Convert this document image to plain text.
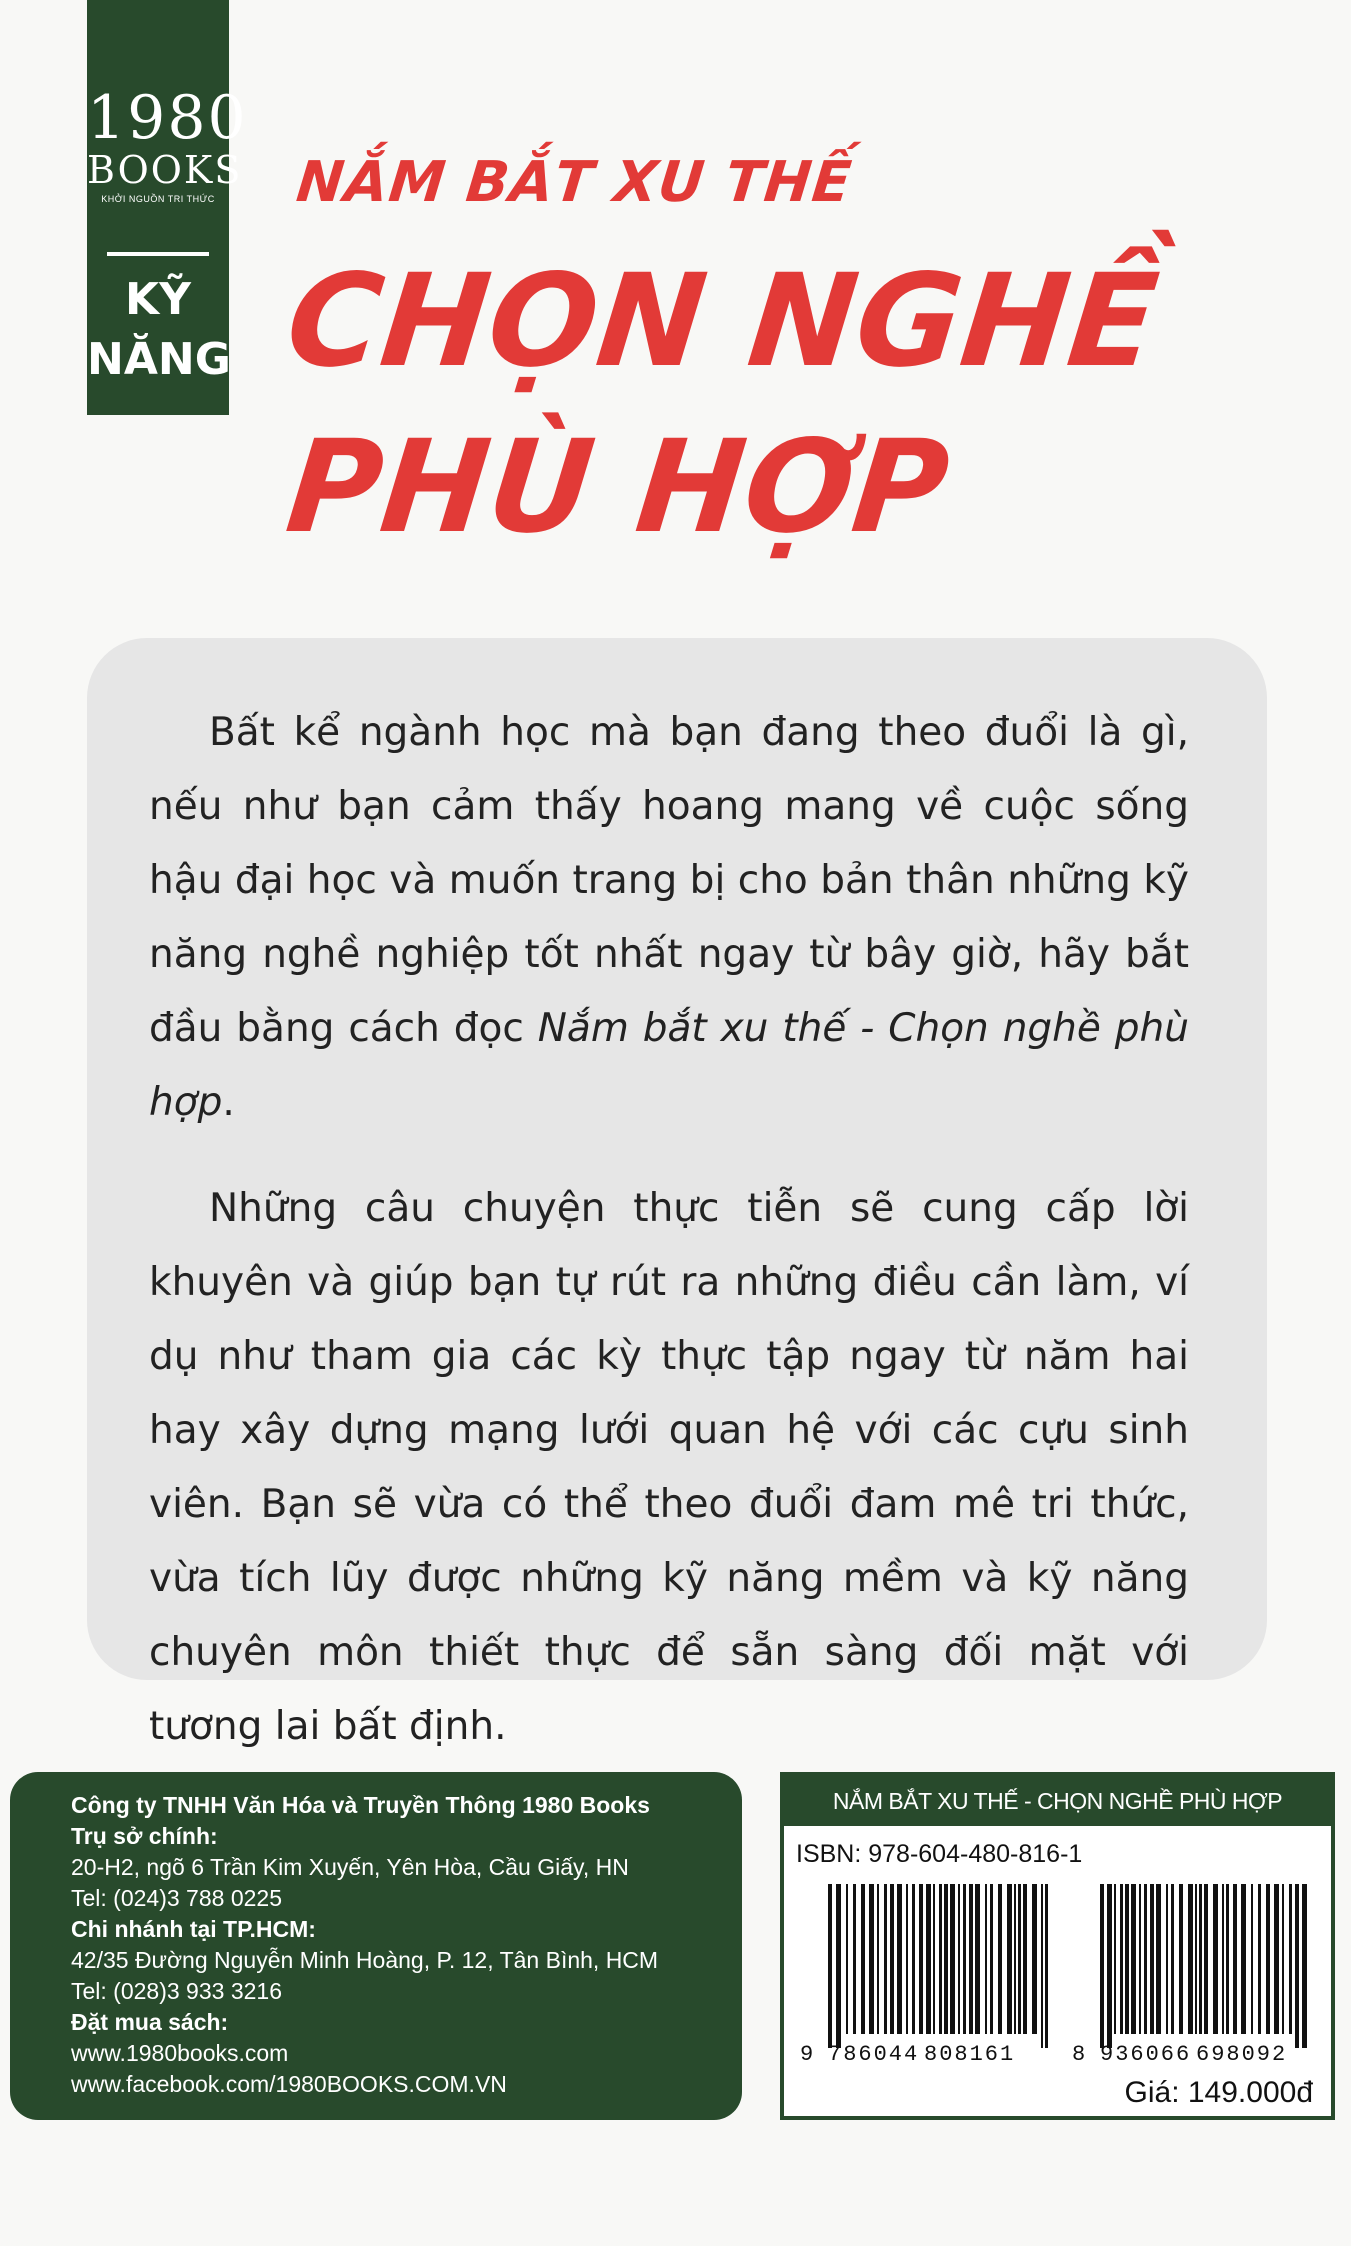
1980
BOOKS
KHỞI NGUỒN TRI THỨC
KỸ
NĂNG
NẮM BẮT XU THẾ
CHỌN NGHỀ
PHÙ HỢP

Bất kể ngành học mà bạn đang theo đuổi là gì, nếu như bạn cảm thấy hoang mang về cuộc sống hậu đại học và muốn trang bị cho bản thân những kỹ năng nghề nghiệp tốt nhất ngay từ bây giờ, hãy bắt đầu bằng cách đọc Nắm bắt xu thế - Chọn nghề phù hợp.

Những câu chuyện thực tiễn sẽ cung cấp lời khuyên và giúp bạn tự rút ra những điều cần làm, ví dụ như tham gia các kỳ thực tập ngay từ năm hai hay xây dựng mạng lưới quan hệ với các cựu sinh viên. Bạn sẽ vừa có thể theo đuổi đam mê tri thức, vừa tích lũy được những kỹ năng mềm và kỹ năng chuyên môn thiết thực để sẵn sàng đối mặt với tương lai bất định.

Công ty TNHH Văn Hóa và Truyền Thông 1980 Books
Trụ sở chính:
20-H2, ngõ 6 Trần Kim Xuyến, Yên Hòa, Cầu Giấy, HN
Tel: (024)3 788 0225
Chi nhánh tại TP.HCM:
42/35 Đường Nguyễn Minh Hoàng, P. 12, Tân Bình, HCM
Tel: (028)3 933 3216
Đặt mua sách:
www.1980books.com
www.facebook.com/1980BOOKS.COM.VN
NẮM BẮT XU THẾ - CHỌN NGHỀ PHÙ HỢP
ISBN: 978-604-480-816-1
9 786044 808161	8 936066 698092
Giá: 149.000đ
